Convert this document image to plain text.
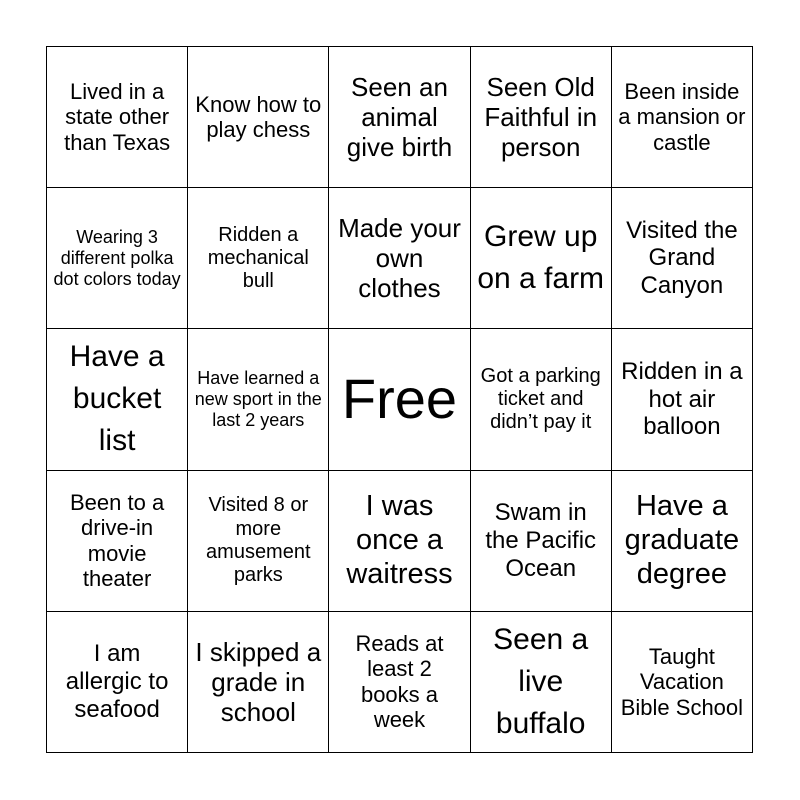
Lived in a state other than Texas
Know how to play chess
Seen an animal give birth
Seen Old Faithful in person
Been inside a mansion or castle
Wearing 3 different polka dot colors today
Ridden a mechanical bull
Made your own clothes
Grew up on a farm
Visited the Grand Canyon
Have a bucket list
Have learned a new sport in the last 2 years Free Got a parking ticket and didn’t pay it
Ridden in a hot air balloon
Been to a drive-in movie theater
Visited 8 or more amusement parks
I was once a waitress
Swam in the Pacific Ocean
Have a graduate degree
I am allergic to seafood
I skipped a grade in school
Reads at least 2 books a week
Seen a live buffalo
Taught Vacation Bible School
